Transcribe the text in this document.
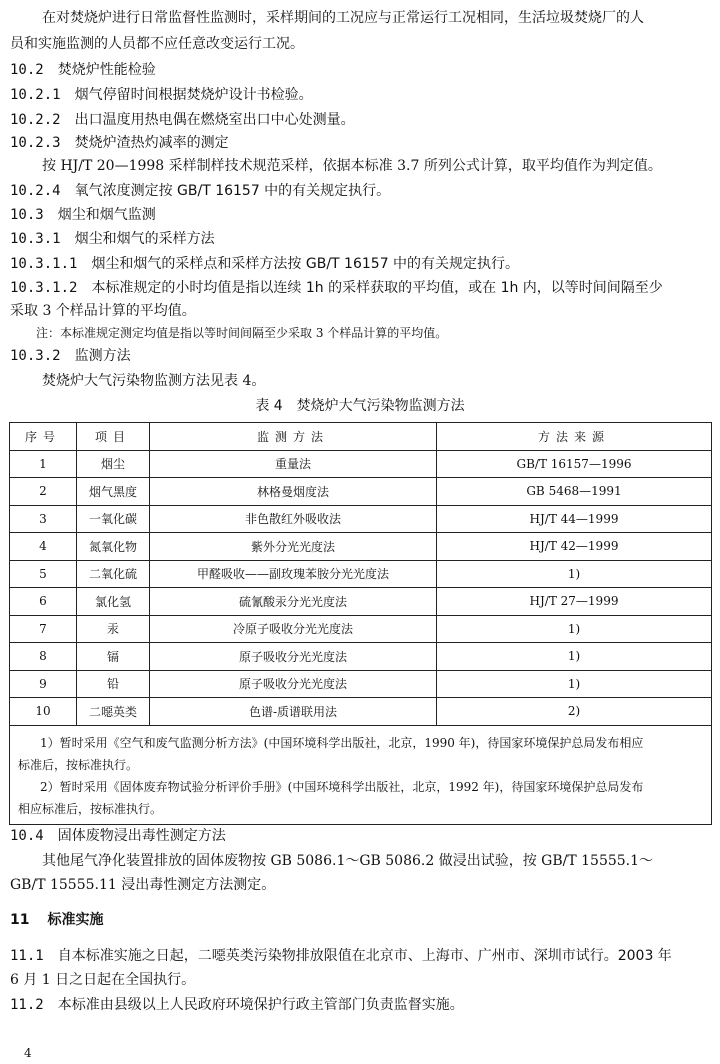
在对焚烧炉进行日常监督性监测时，采样期间的工况应与正常运行工况相同，生活垃圾焚烧厂的人
员和实施监测的人员都不应任意改变运行工况。
10.2 焚烧炉性能检验
10.2.1 烟气停留时间根据焚烧炉设计书检验。
10.2.2 出口温度用热电偶在燃烧室出口中心处测量。
10.2.3 焚烧炉渣热灼减率的测定
按 HJ/T 20—1998 采样制样技术规范采样，依据本标准 3.7 所列公式计算，取平均值作为判定值。
10.2.4 氧气浓度测定按 GB/T 16157 中的有关规定执行。
10.3 烟尘和烟气监测
10.3.1 烟尘和烟气的采样方法
10.3.1.1 烟尘和烟气的采样点和采样方法按 GB/T 16157 中的有关规定执行。
10.3.1.2 本标准规定的小时均值是指以连续 1h 的采样获取的平均值，或在 1h 内，以等时间间隔至少
采取 3 个样品计算的平均值。
注：本标准规定测定均值是指以等时间间隔至少采取 3 个样品计算的平均值。
10.3.2 监测方法
焚烧炉大气污染物监测方法见表 4。
表 4　焚烧炉大气污染物监测方法
序号	项目	监测方法	方法来源
1	烟尘	重量法	GB/T 16157—1996
2	烟气黑度	林格曼烟度法	GB 5468—1991
3	一氧化碳	非色散红外吸收法	HJ/T 44—1999
4	氮氧化物	紫外分光光度法	HJ/T 42—1999
5	二氧化硫	甲醛吸收——副玫瑰苯胺分光光度法	1)
6	氯化氢	硫氰酸汞分光光度法	HJ/T 27—1999
7	汞	冷原子吸收分光光度法	1)
8	镉	原子吸收分光光度法	1)
9	铅	原子吸收分光光度法	1)
10	二噁英类	色谱-质谱联用法	2)

1）暂时采用《空气和废气监测分析方法》(中国环境科学出版社，北京，1990 年)，待国家环境保护总局发布相应
标准后，按标准执行。
2）暂时采用《固体废弃物试验分析评价手册》(中国环境科学出版社，北京，1992 年)，待国家环境保护总局发布
相应标准后，按标准执行。			
10.4 固体废物浸出毒性测定方法
其他尾气净化装置排放的固体废物按 GB 5086.1～GB 5086.2 做浸出试验，按 GB/T 15555.1～
GB/T 15555.11 浸出毒性测定方法测定。
11 标准实施
11.1 自本标准实施之日起，二噁英类污染物排放限值在北京市、上海市、广州市、深圳市试行。2003 年
6 月 1 日之日起在全国执行。
11.2 本标准由县级以上人民政府环境保护行政主管部门负责监督实施。
4
